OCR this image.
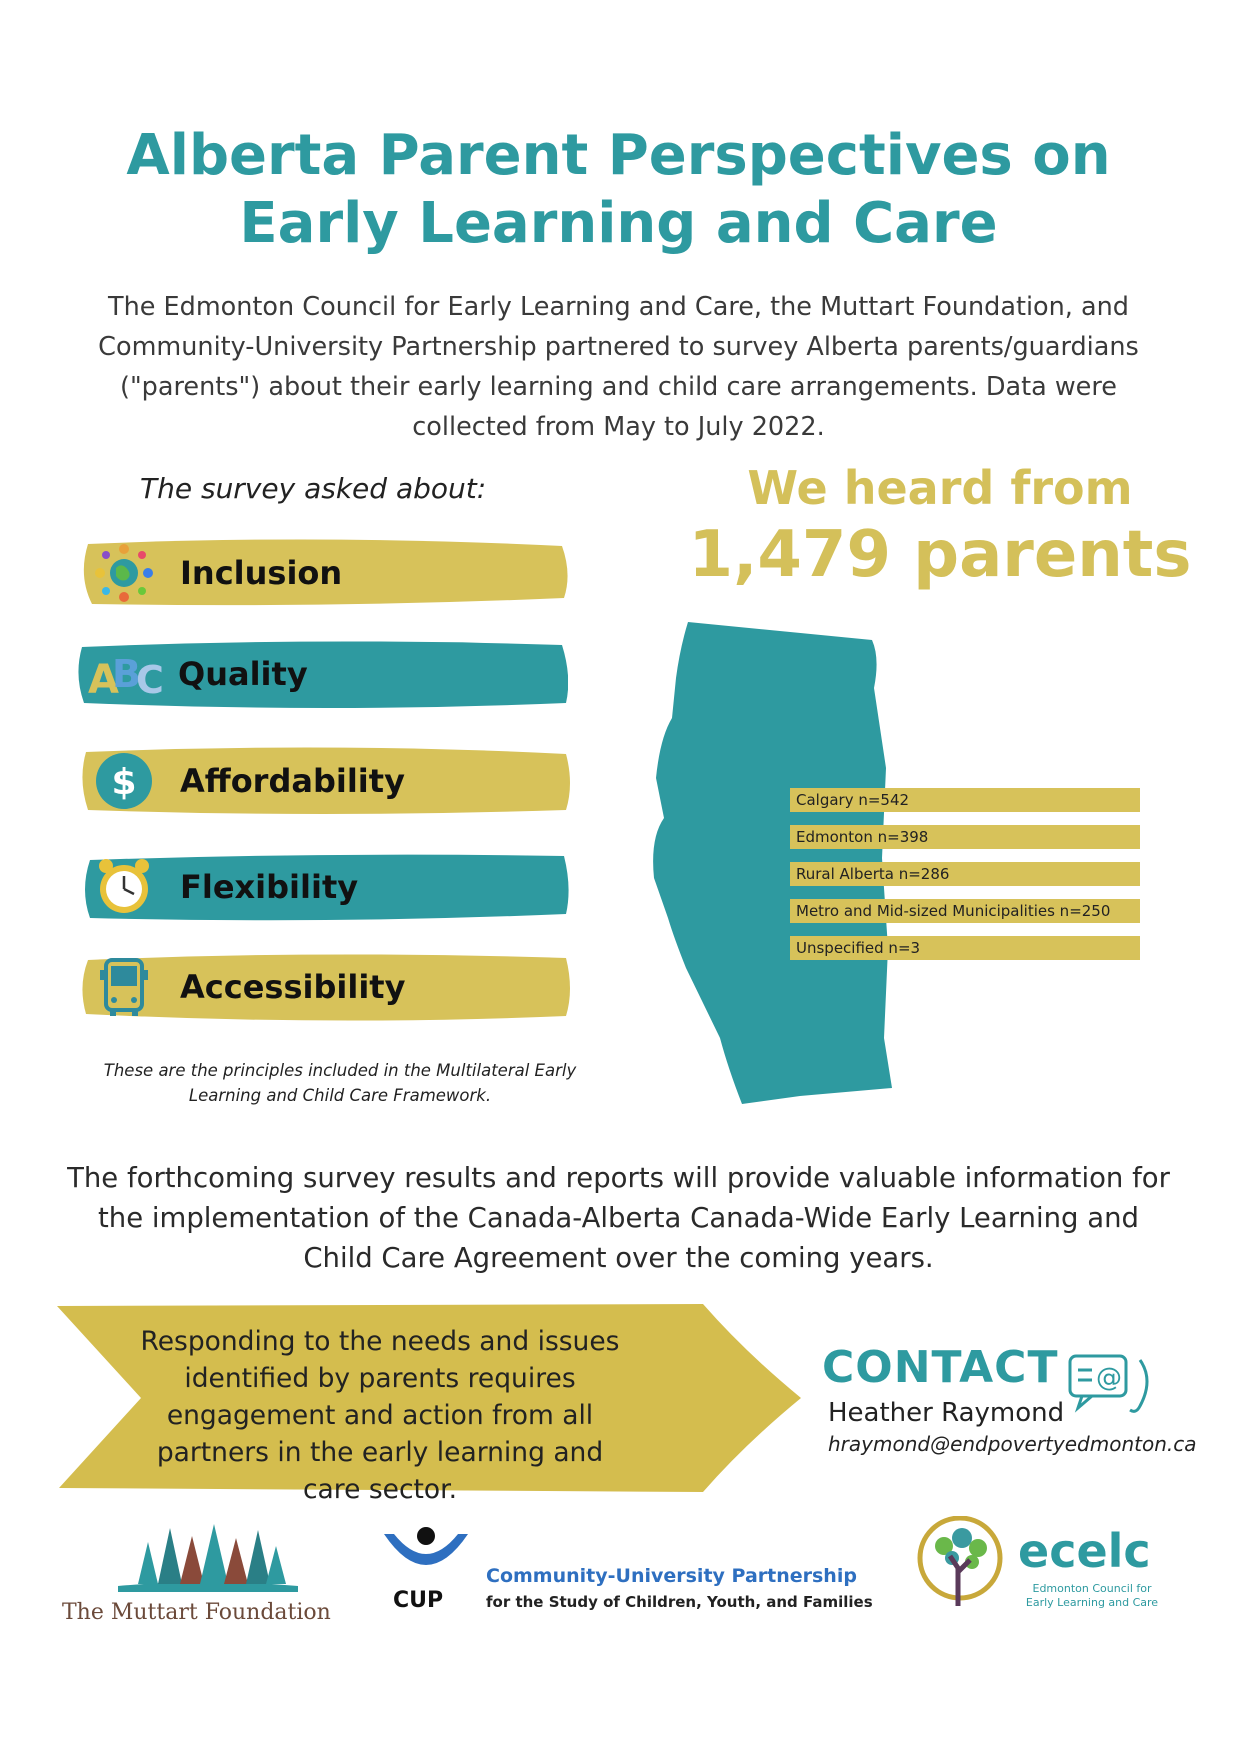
Alberta Parent Perspectives on Early Learning and Care
The Edmonton Council for Early Learning and Care, the Muttart Foundation, and Community-University Partnership partnered to survey Alberta parents/guardians ("parents") about their early learning and child care arrangements. Data were collected from May to July 2022.
The survey asked about:
Inclusion
A
B
C Quality
$ Affordability
Flexibility
Accessibility
These are the principles included in the Multilateral Early Learning and Child Care Framework.
We heard from
1,479 parents
Calgary n=542
Edmonton n=398
Rural Alberta n=286
Metro and Mid-sized Municipalities n=250
Unspecified n=3
The forthcoming survey results and reports will provide valuable information for the implementation of the Canada-Alberta Canada-Wide Early Learning and Child Care Agreement over the coming years.
Responding to the needs and issues identified by parents requires engagement and action from all partners in the early learning and care sector.
CONTACT @
Heather Raymond
hraymond@endpovertyedmonton.ca
The Muttart Foundation	CUP
Community-University Partnership
for the Study of Children, Youth, and Families
ecelc
Edmonton Council for
Early Learning and Care
